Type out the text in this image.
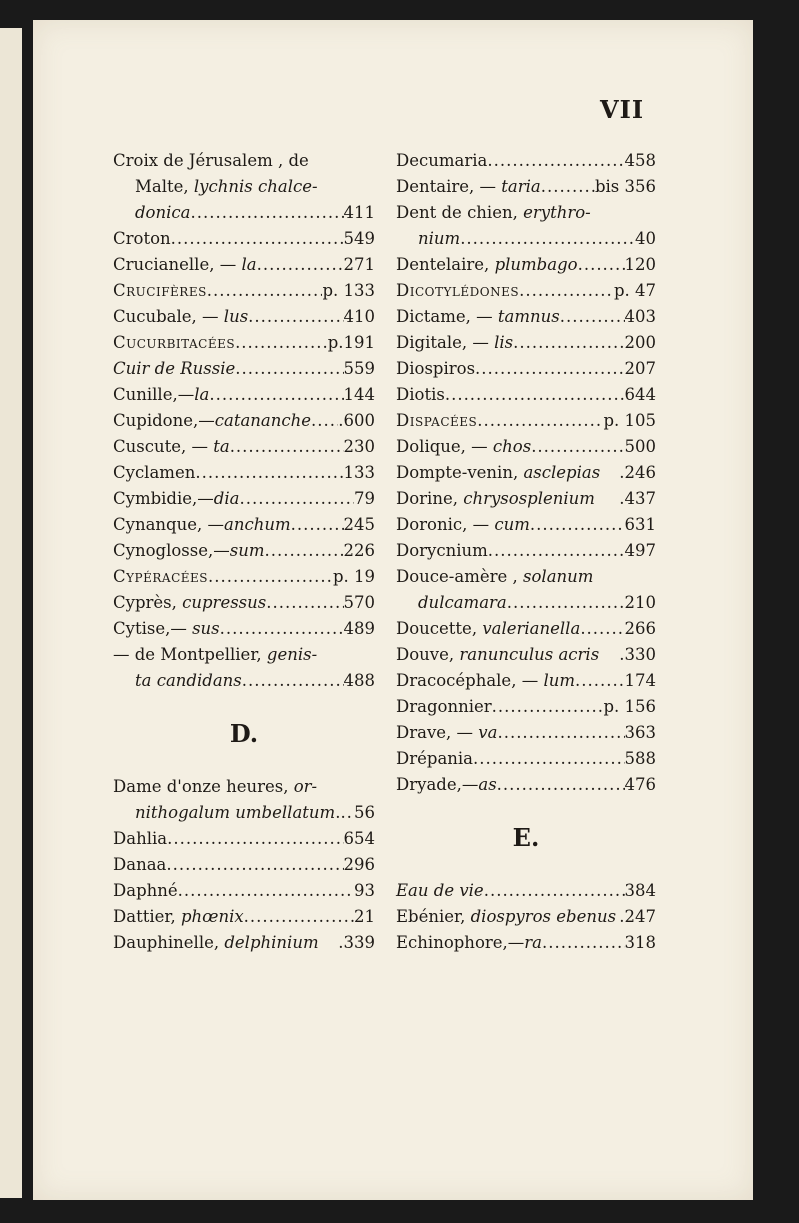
VII
Croix de Jérusalem , de
Malte, lychnis chalce-
donica .....	411
Croton .....	549
Crucianelle, — la .....	271
Crucifères .....	p. 133
Cucubale, — lus .....	410
Cucurbitacées .....	p.191
Cuir de Russie .....	559
Cunille,—la .....	144
Cupidone,—catananche ..... .600
Cuscute, — ta .....	230
Cyclamen .....	133
Cymbidie,—dia .....	79
Cynanque, —anchum .....	245
Cynoglosse,—sum .....	226
Cypéracées .....	p. 19
Cyprès, cupressus .....	570
Cytise,— sus .....	489
— de Montpellier, genis-
ta candidans .....	488
D.
Dame d'onze heures, or-
nithogalum umbellatum. ..... 56
Dahlia .....	654
Danaa .....	296
Daphné .....	93
Dattier, phœnix .....	21
Dauphinelle, delphinium .339
Decumaria .....	458
Dentaire, — taria .....	bis 356
Dent de chien, erythro-
nium .....	40
Dentelaire, plumbago .....	120
Dicotylédones .....	p. 47
Dictame, — tamnus .....	403
Digitale, — lis .....	200
Diospiros .....	207
Diotis .....	644
Dispacées .....	p. 105
Dolique, — chos .....	500
Dompte-venin, asclepias .246
Dorine, chrysosplenium .437
Doronic, — cum .....	631
Dorycnium .....	497
Douce-amère , solanum
dulcamara .....	210
Doucette, valerianella .....	266
Douve, ranunculus acris .330
Dracocéphale, — lum .....	174
Dragonnier .....	p. 156
Drave, — va .....	363
Drépania .....	588
Dryade,—as .....	476
E.
Eau de vie .....	384
Ebénier, diospyros ebenus .247
Echinophore,—ra .....	318
